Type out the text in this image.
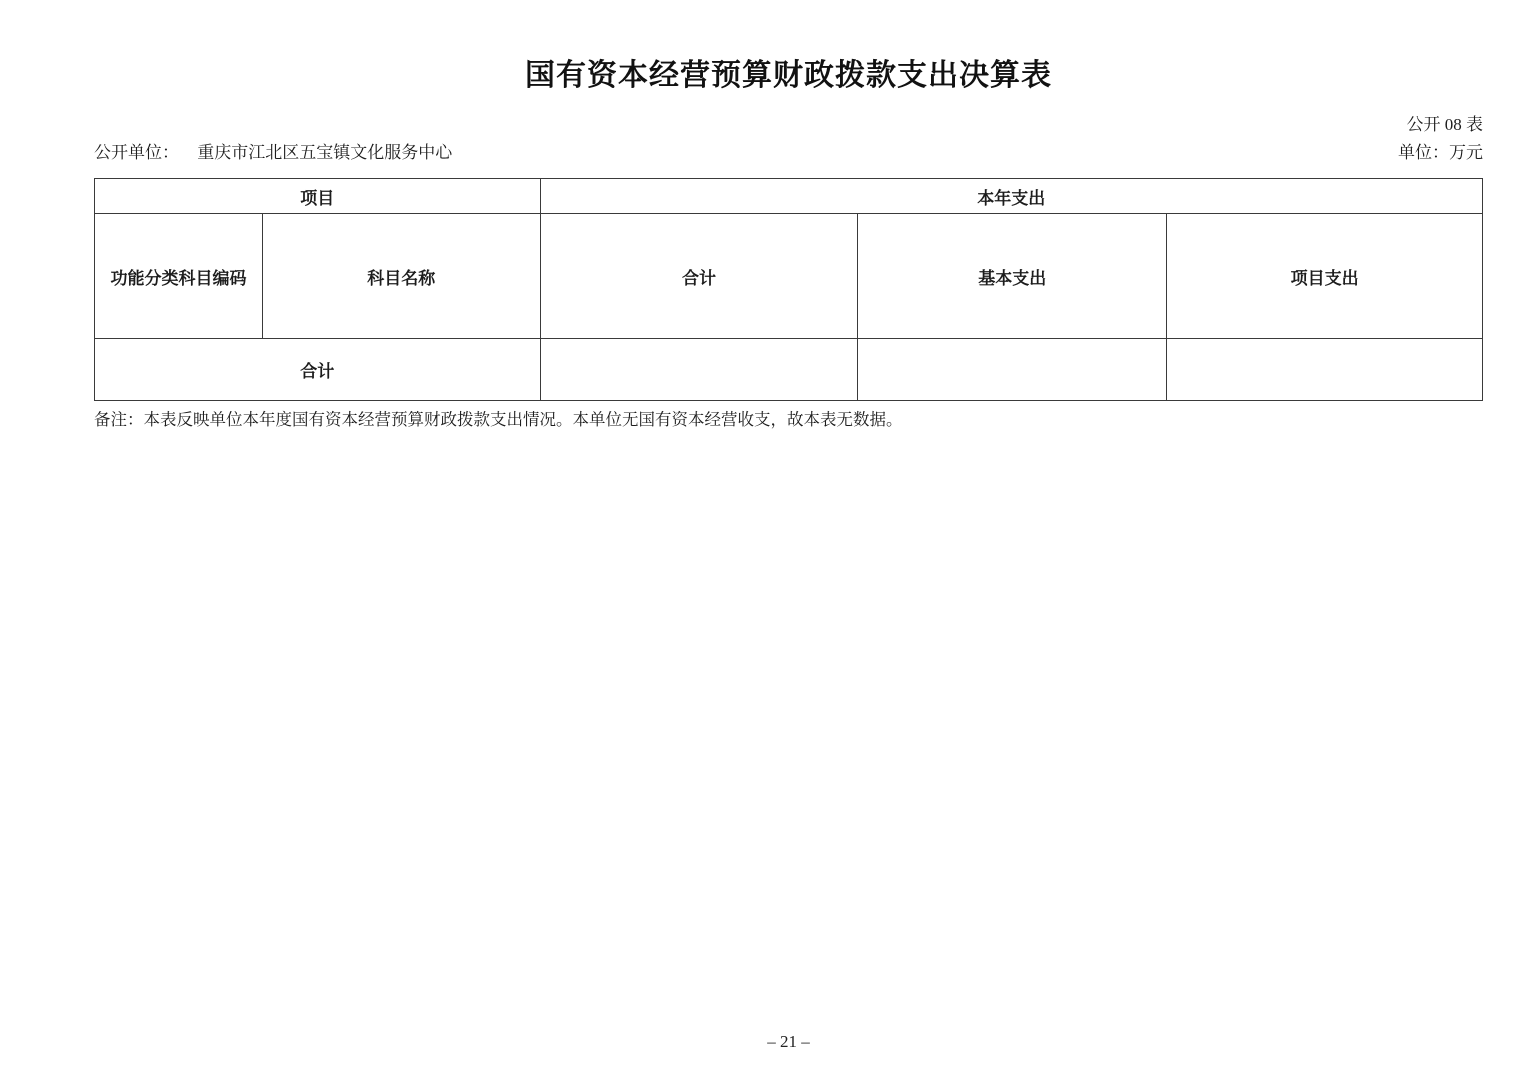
国有资本经营预算财政拨款支出决算表
公开 08 表
公开单位： 重庆市江北区五宝镇文化服务中心	单位：万元
项目		本年支出		
功能分类科目编码	科目名称	合计	基本支出	项目支出
合计				
备注：本表反映单位本年度国有资本经营预算财政拨款支出情况。本单位无国有资本经营收支，故本表无数据。
– 21 –
